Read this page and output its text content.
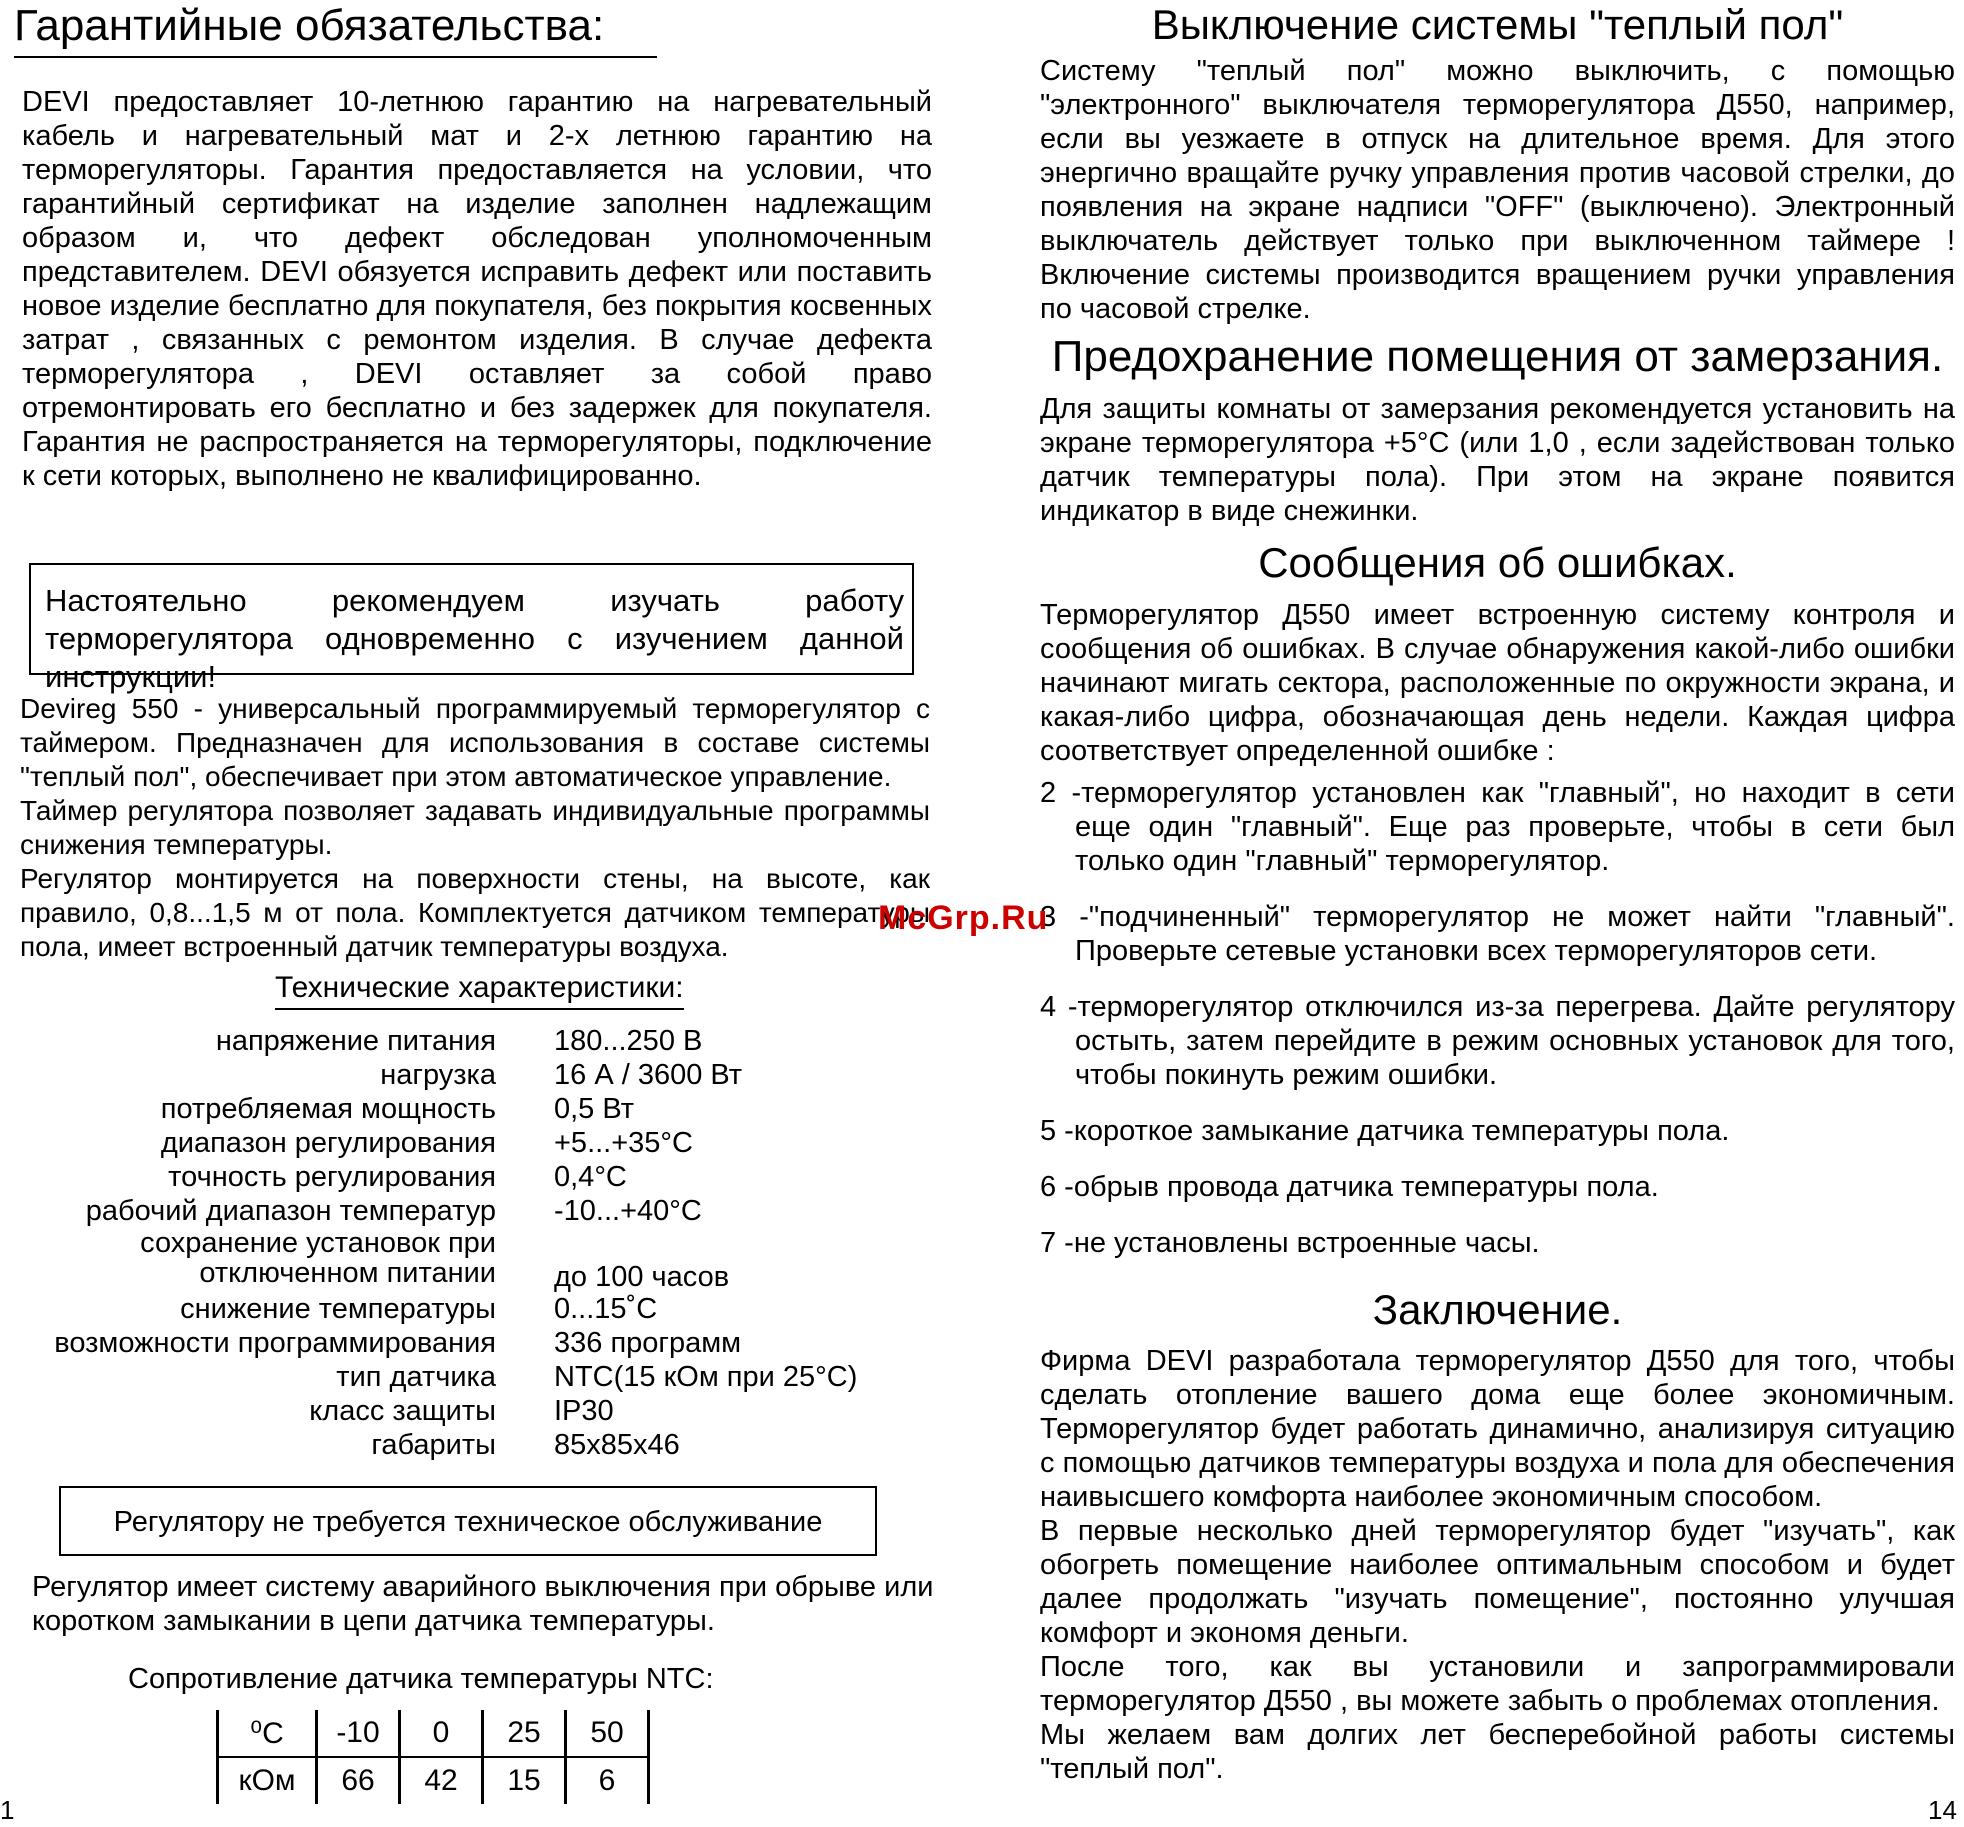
Гарантийные обязательства:
DEVI предоставляет 10-летнюю гарантию на нагревательный кабель и нагревательный мат и 2-х летнюю гарантию на терморегуляторы. Гарантия предоставляется на условии, что гарантийный сертификат на изделие заполнен надлежащим образом и, что дефект обследован уполномоченным представителем. DEVI обязуется исправить дефект или поставить новое изделие бесплатно для покупателя, без покрытия косвенных затрат , связанных с ремонтом изделия. В случае дефекта терморегулятора , DEVI оставляет за собой право отремонтировать его бесплатно и без задержек для покупателя. Гарантия не распространяется на терморегуляторы, подключение к сети которых, выполнено не квалифицированно.
Настоятельно рекомендуем изучать работу терморегулятора одновременно с изучением данной инструкции!
Devireg 550 - универсальный программируемый терморегулятор с таймером. Предназначен для использования в составе системы "теплый пол", обеспечивает при этом автоматическое управление.
Таймер регулятора позволяет задавать индивидуальные программы снижения температуры.
Регулятор монтируется на поверхности стены, на высоте, как правило, 0,8...1,5 м от пола. Комплектуется датчиком температуры пола, имеет встроенный датчик температуры воздуха.
Технические характеристики:
напряжение питания 180...250 В
нагрузка 16 А / 3600 Вт
потребляемая мощность 0,5 Вт
диапазон регулирования +5...+35°С
точность регулирования 0,4°С
рабочий диапазон температур -10...+40°С
сохранение установок при отключенном питании до 100 часов
снижение температуры 0...15˚С
возможности программирования 336 программ
тип датчика NTC(15 кОм при 25°С)
класс защиты IP30
габариты 85х85х46
Регулятору не требуется техническое обслуживание
Регулятор имеет систему аварийного выключения при обрыве или коротком замыкании в цепи датчика температуры.
Сопротивление датчика температуры NTC:
⁰С	-10	0	25	50
кОм	66	42	15	6
1
Выключение системы "теплый пол"
Систему "теплый пол" можно выключить, с помощью "электронного" выключателя терморегулятора Д550, например, если вы уезжаете в отпуск на длительное время. Для этого энергично вращайте ручку управления против часовой стрелки, до появления на экране надписи "OFF" (выключено). Электронный выключатель действует только при выключенном таймере ! Включение системы производится вращением ручки управления по часовой стрелке.
Предохранение помещения от замерзания.
Для защиты комнаты от замерзания рекомендуется установить на экране терморегулятора +5°С (или 1,0 , если задействован только датчик температуры пола). При этом на экране появится индикатор в виде снежинки.
Сообщения об ошибках.
Терморегулятор Д550 имеет встроенную систему контроля и сообщения об ошибках. В случае обнаружения какой-либо ошибки начинают мигать сектора, расположенные по окружности экрана, и какая-либо цифра, обозначающая день недели. Каждая цифра соответствует определенной ошибке :
2 -терморегулятор установлен как "главный", но находит в сети еще один "главный". Еще раз проверьте, чтобы в сети был только один "главный" терморегулятор.
3 -"подчиненный" терморегулятор не может найти "главный". Проверьте сетевые установки всех терморегуляторов сети.
4 -терморегулятор отключился из-за перегрева. Дайте регулятору остыть, затем перейдите в режим основных установок для того, чтобы покинуть режим ошибки.
5 -короткое замыкание датчика температуры пола.
6 -обрыв провода датчика температуры пола.
7 -не установлены встроенные часы.
Заключение.
Фирма DEVI разработала терморегулятор Д550 для того, чтобы сделать отопление вашего дома еще более экономичным. Терморегулятор будет работать динамично, анализируя ситуацию с помощью датчиков температуры воздуха и пола для обеспечения наивысшего комфорта наиболее экономичным способом.
В первые несколько дней терморегулятор будет "изучать", как обогреть помещение наиболее оптимальным способом и будет далее продолжать "изучать помещение", постоянно улучшая комфорт и экономя деньги.
После того, как вы установили и запрограммировали терморегулятор Д550 , вы можете забыть о проблемах отопления.
Мы желаем вам долгих лет бесперебойной работы системы "теплый пол".
14
McGrp.Ru
